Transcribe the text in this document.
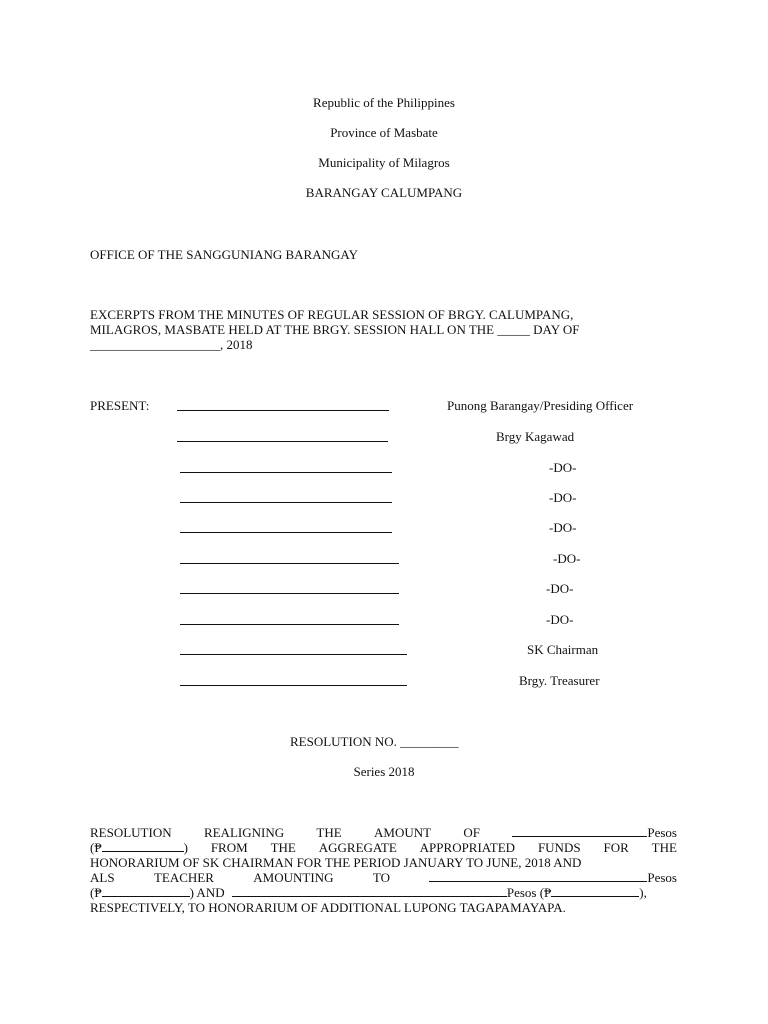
Republic of the Philippines
Province of Masbate
Municipality of Milagros
BARANGAY CALUMPANG
OFFICE OF THE SANGGUNIANG BARANGAY
EXCERPTS FROM THE MINUTES OF REGULAR SESSION OF BRGY. CALUMPANG,
MILAGROS, MASBATE HELD AT THE BRGY. SESSION HALL ON THE _____ DAY OF
____________________, 2018
PRESENT:	Punong Barangay/Presiding Officer
Brgy Kagawad
-DO-
-DO-
-DO-
-DO-
-DO-
-DO-
SK Chairman
Brgy. Treasurer
RESOLUTION NO. _________
Series 2018
RESOLUTION REALIGNING THE AMOUNT OF	Pesos
(₱	) FROM THE AGGREGATE APPROPRIATED FUNDS FOR THE
HONORARIUM OF SK CHAIRMAN FOR THE PERIOD JANUARY TO JUNE, 2018 AND
ALS	TEACHER	AMOUNTING	TO	Pesos
(₱	) AND	Pesos (₱	),
RESPECTIVELY, TO HONORARIUM OF ADDITIONAL LUPONG TAGAPAMAYAPA.
